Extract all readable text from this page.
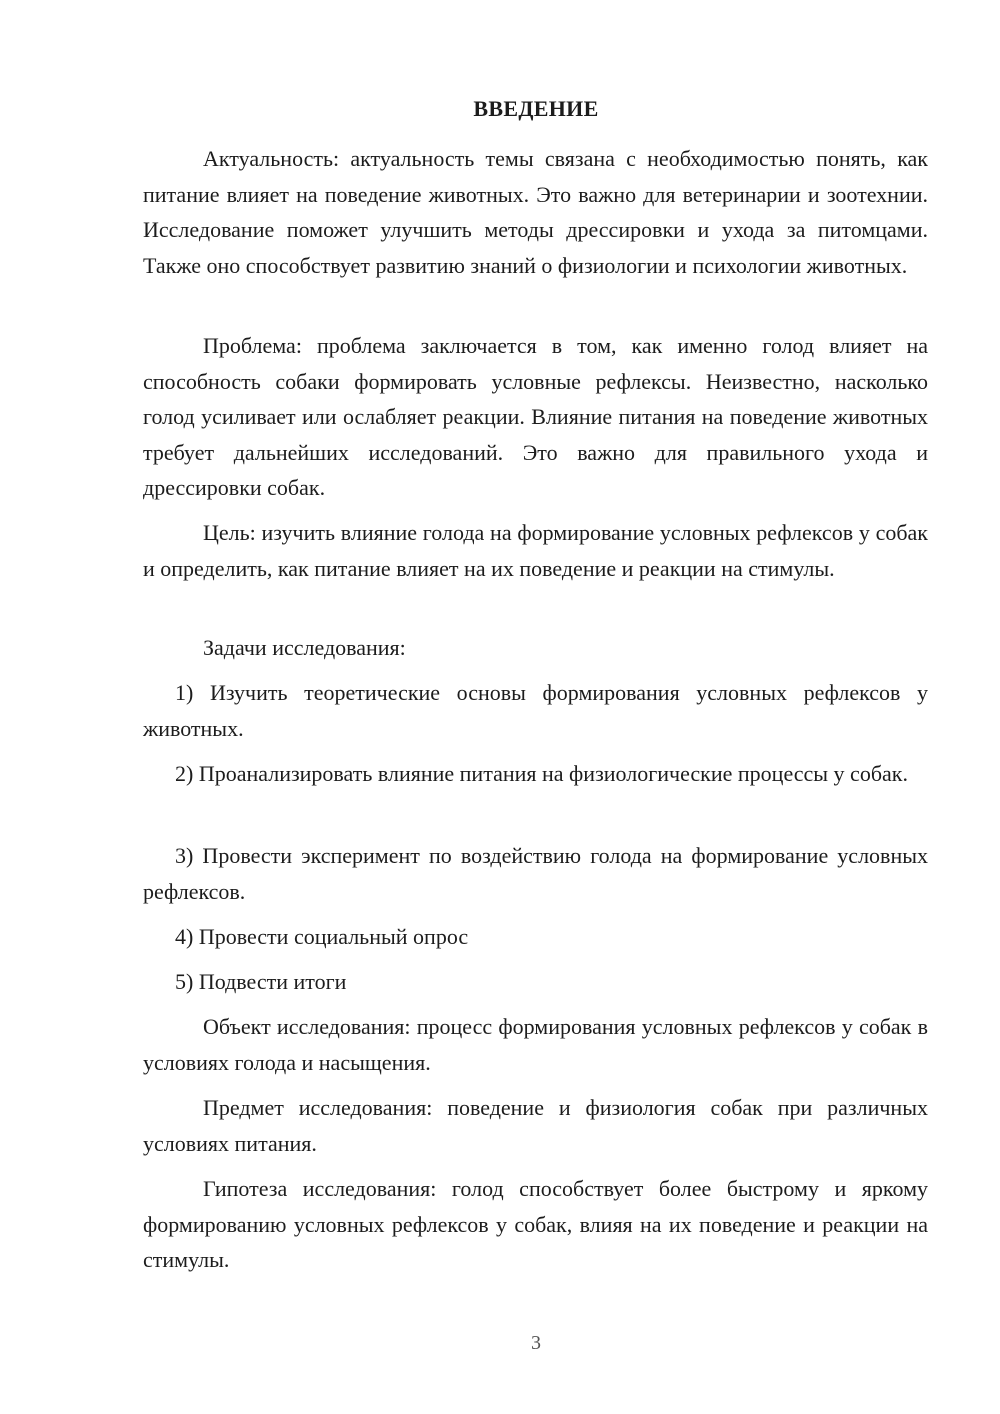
ВВЕДЕНИЕ

Актуальность: актуальность темы связана с необходимостью понять, как питание влияет на поведение животных. Это важно для ветеринарии и зоотехнии. Исследование поможет улучшить методы дрессировки и ухода за питомцами. Также оно способствует развитию знаний о физиологии и психологии животных.

Проблема: проблема заключается в том, как именно голод влияет на способность собаки формировать условные рефлексы. Неизвестно, насколько голод усиливает или ослабляет реакции. Влияние питания на поведение животных требует дальнейших исследований. Это важно для правильного ухода и дрессировки собак.

Цель: изучить влияние голода на формирование условных рефлексов у собак и определить, как питание влияет на их поведение и реакции на стимулы.

Задачи исследования:

1) Изучить теоретические основы формирования условных рефлексов у животных.

2) Проанализировать влияние питания на физиологические процессы у собак.

3) Провести эксперимент по воздействию голода на формирование условных рефлексов.

4) Провести социальный опрос

5) Подвести итоги

Объект исследования: процесс формирования условных рефлексов у собак в условиях голода и насыщения.

Предмет исследования: поведение и физиология собак при различных условиях питания.

Гипотеза исследования: голод способствует более быстрому и яркому формированию условных рефлексов у собак, влияя на их поведение и реакции на стимулы.

3
